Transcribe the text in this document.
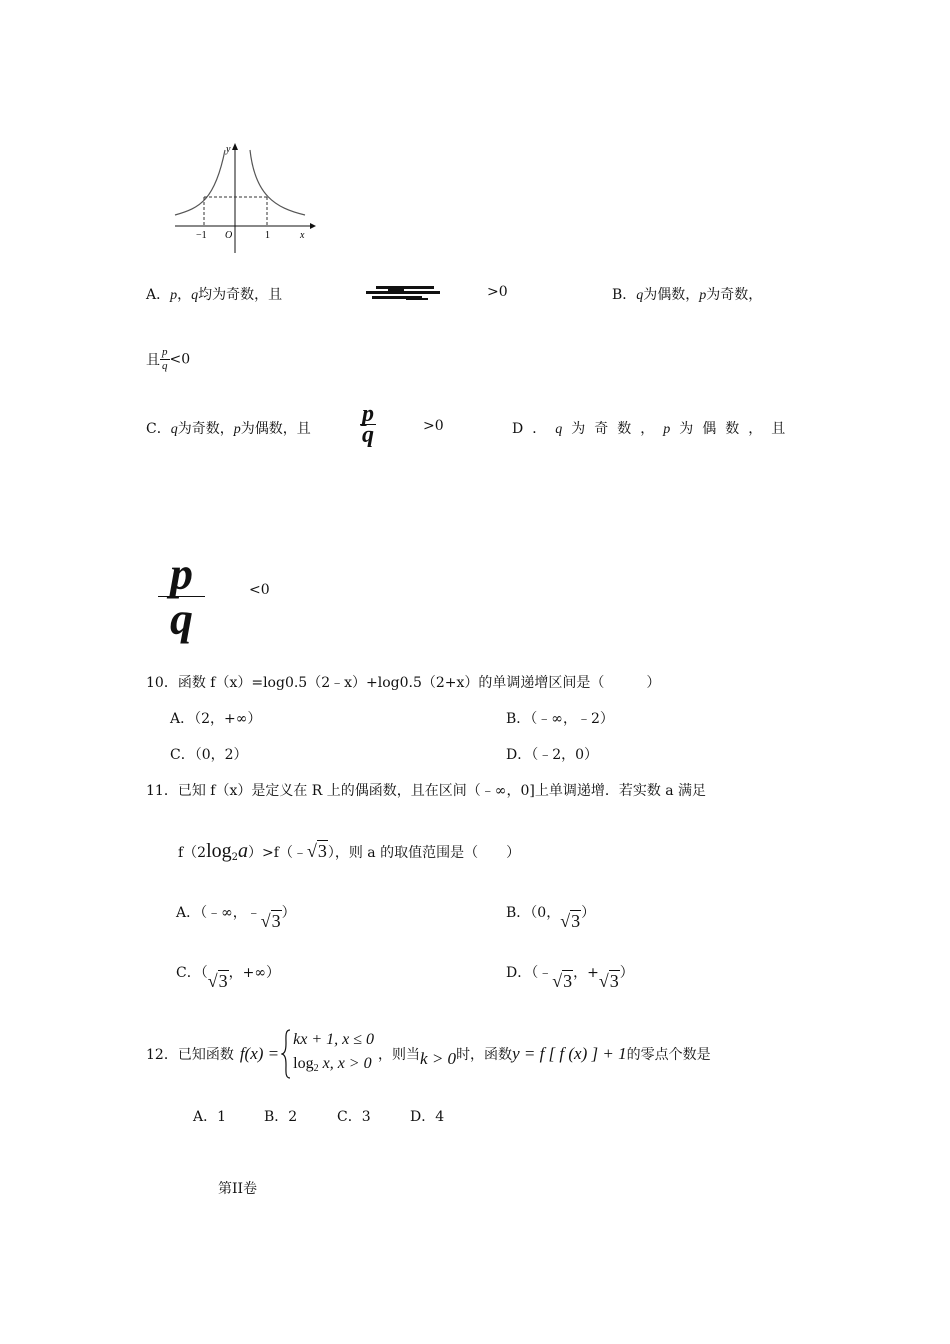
y
x
O
−1	1
A．p，q均为奇数，且	>0	B．q为偶数，p为奇数，
且 $\frac{p}{q} <0$
C．q为奇数，p为偶数，且 $\frac{p}{q}$	>0	D．q为奇数，p为偶数，且
$\frac{p}{q}$	<0
10．函数 f（x）=log0.5（2﹣x）+log0.5（2+x）的单调递增区间是（　　　）
A．（2，+∞）	B．（﹣∞，﹣2）
C．（0，2）	D．（﹣2，0）
11．已知 f（x）是定义在 R 上的偶函数，且在区间（﹣∞，0]上单调递增．若实数 a 满足
$f(2\log_2a)>f(﹣√3)$，则 a 的取值范围是（　　）
A．（﹣∞，﹣√3）	B．（0，√3）
C．（√3，+∞）	D．（﹣√3，+√3）
12．已知函数 f(x) =
kx + 1, x ≤ 0
$\log_2 x$, x > 0 ，则当 k > 0 时，函数 y = f [ f (x) ] + 1 的零点个数是
A．1	B．2	C．3	D．4
第II卷
